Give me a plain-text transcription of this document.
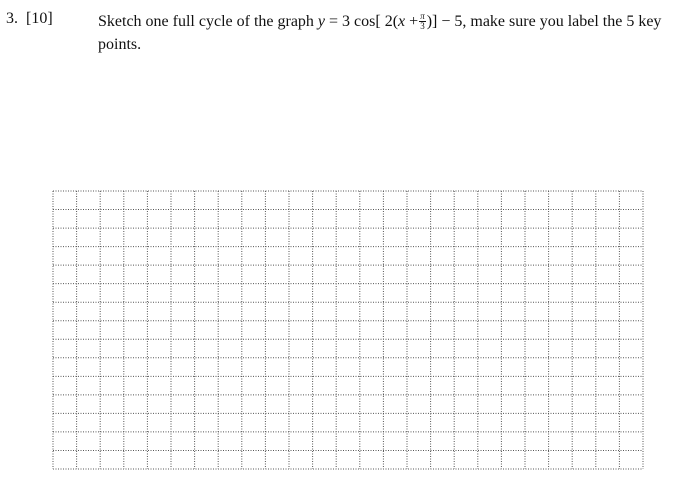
3. [10]	Sketch one full cycle of the graph y = 3 cos[ $2(x + \frac{\pi}{3}$ )] − 5, make sure you label the 5 key
points.
